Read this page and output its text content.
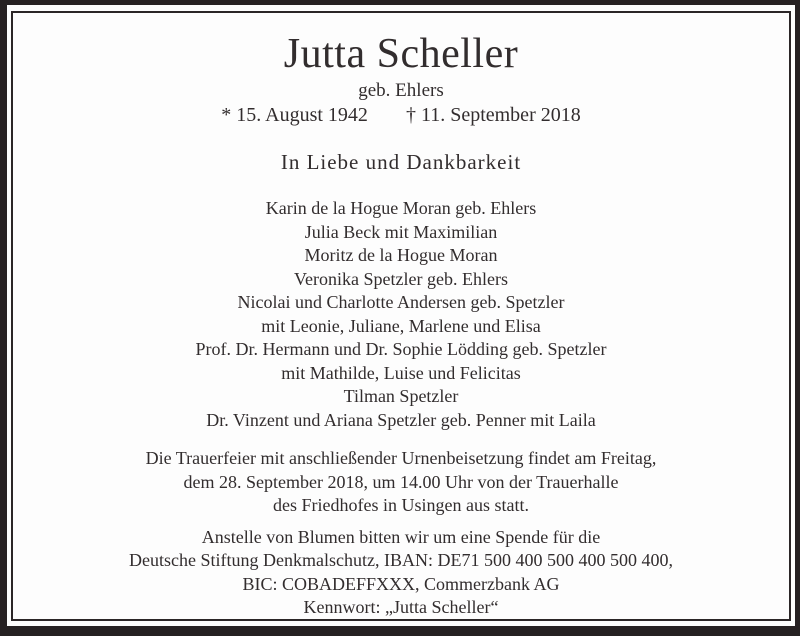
Jutta Scheller
geb. Ehlers
* 15. August 1942 † 11. September 2018
In Liebe und Dankbarkeit
Karin de la Hogue Moran geb. Ehlers
Julia Beck mit Maximilian
Moritz de la Hogue Moran
Veronika Spetzler geb. Ehlers
Nicolai und Charlotte Andersen geb. Spetzler
mit Leonie, Juliane, Marlene und Elisa
Prof. Dr. Hermann und Dr. Sophie Lödding geb. Spetzler
mit Mathilde, Luise und Felicitas
Tilman Spetzler
Dr. Vinzent und Ariana Spetzler geb. Penner mit Laila
Die Trauerfeier mit anschließender Urnenbeisetzung findet am Freitag,
dem 28. September 2018, um 14.00 Uhr von der Trauerhalle
des Friedhofes in Usingen aus statt.
Anstelle von Blumen bitten wir um eine Spende für die
Deutsche Stiftung Denkmalschutz, IBAN: DE71 500 400 500 400 500 400,
BIC: COBADEFFXXX, Commerzbank AG
Kennwort: „Jutta Scheller“
